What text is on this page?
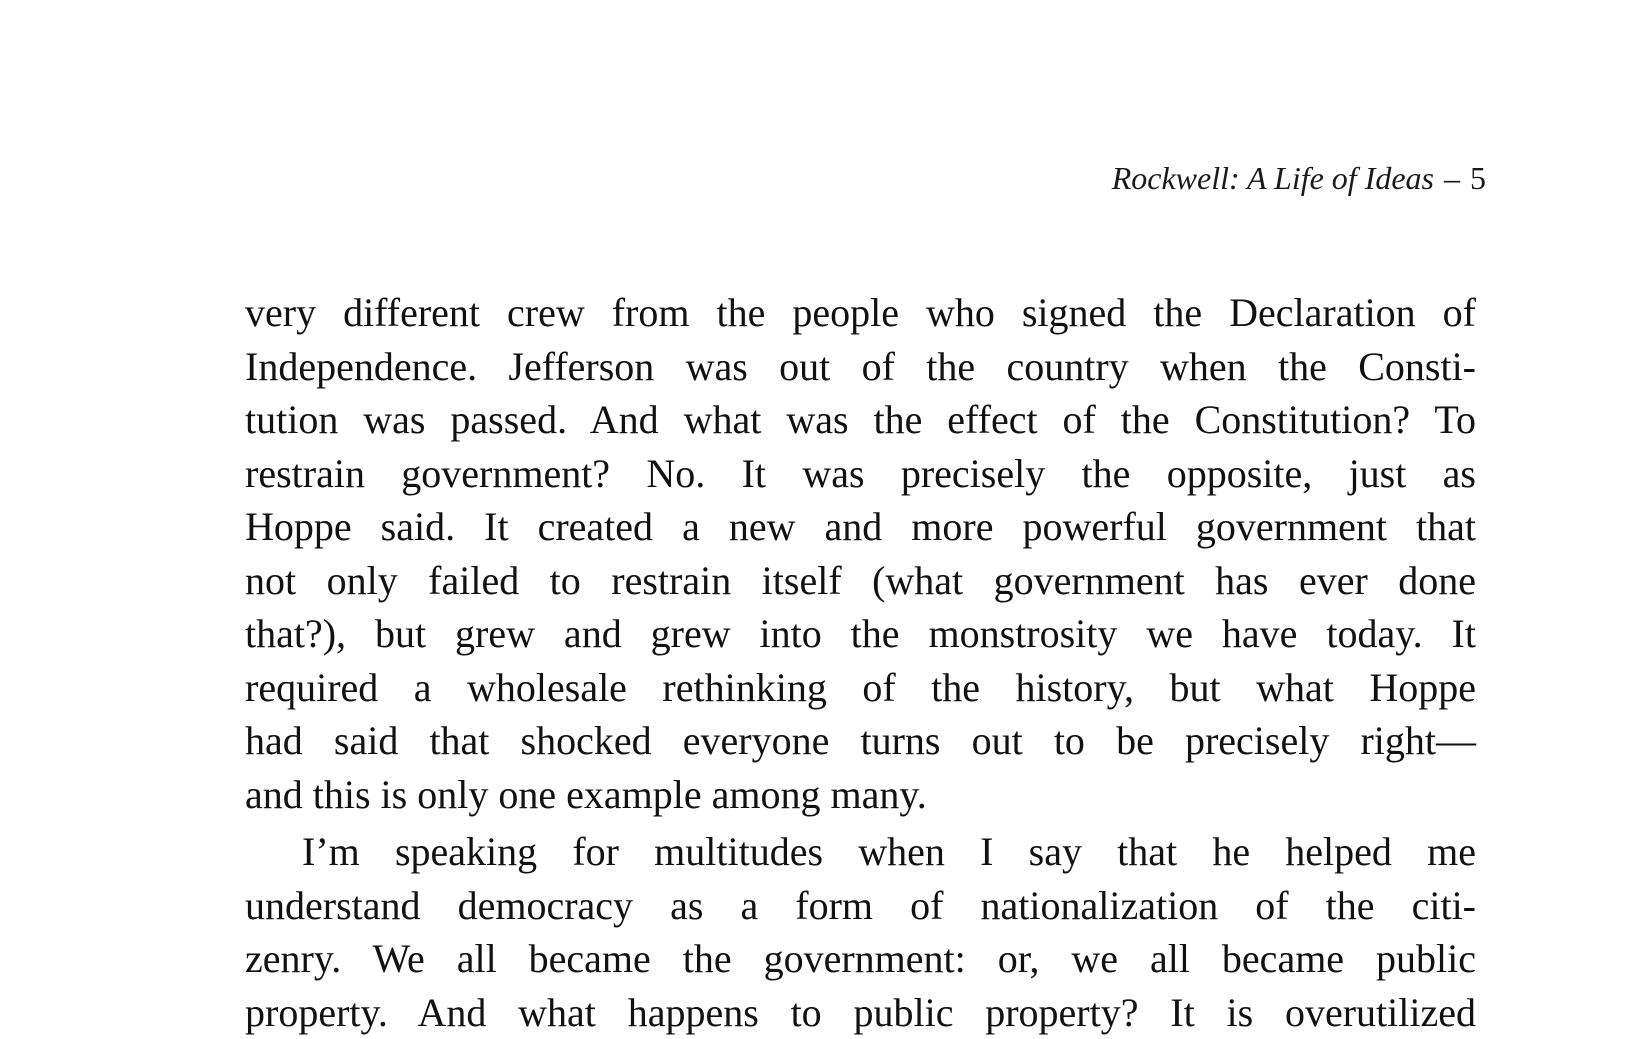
Rockwell: A Life of Ideas – 5
very different crew from the people who signed the Declaration of
Independence. Jefferson was out of the country when the Consti-
tution was passed. And what was the effect of the Constitution? To
restrain government? No. It was precisely the opposite, just as
Hoppe said. It created a new and more powerful government that
not only failed to restrain itself (what government has ever done
that?), but grew and grew into the monstrosity we have today. It
required a wholesale rethinking of the history, but what Hoppe
had said that shocked everyone turns out to be precisely right—
and this is only one example among many.
I’m speaking for multitudes when I say that he helped me
understand democracy as a form of nationalization of the citi-
zenry. We all became the government: or, we all became public
property. And what happens to public property? It is overutilized
